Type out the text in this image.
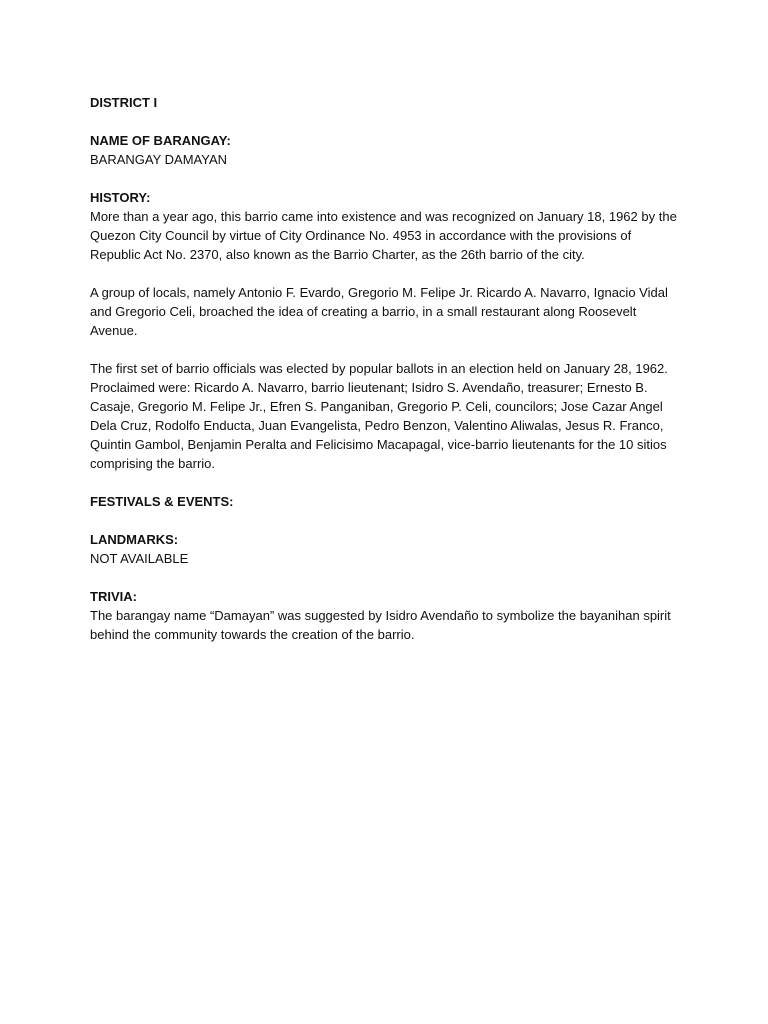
DISTRICT I

NAME OF BARANGAY:

BARANGAY DAMAYAN

HISTORY:

More than a year ago, this barrio came into existence and was recognized on January 18, 1962 by the Quezon City Council by virtue of City Ordinance No. 4953 in accordance with the provisions of Republic Act No. 2370, also known as the Barrio Charter, as the 26th barrio of the city.

A group of locals, namely Antonio F. Evardo, Gregorio M. Felipe Jr. Ricardo A. Navarro, Ignacio Vidal and Gregorio Celi, broached the idea of creating a barrio, in a small restaurant along Roosevelt Avenue.

The first set of barrio officials was elected by popular ballots in an election held on January 28, 1962. Proclaimed were: Ricardo A. Navarro, barrio lieutenant; Isidro S. Avendaño, treasurer; Ernesto B. Casaje, Gregorio M. Felipe Jr., Efren S. Panganiban, Gregorio P. Celi, councilors; Jose Cazar Angel Dela Cruz, Rodolfo Enducta, Juan Evangelista, Pedro Benzon, Valentino Aliwalas, Jesus R. Franco, Quintin Gambol, Benjamin Peralta and Felicisimo Macapagal, vice-barrio lieutenants for the 10 sitios comprising the barrio.

FESTIVALS & EVENTS:

LANDMARKS:

NOT AVAILABLE

TRIVIA:

The barangay name “Damayan” was suggested by Isidro Avendaño to symbolize the bayanihan spirit behind the community towards the creation of the barrio.
